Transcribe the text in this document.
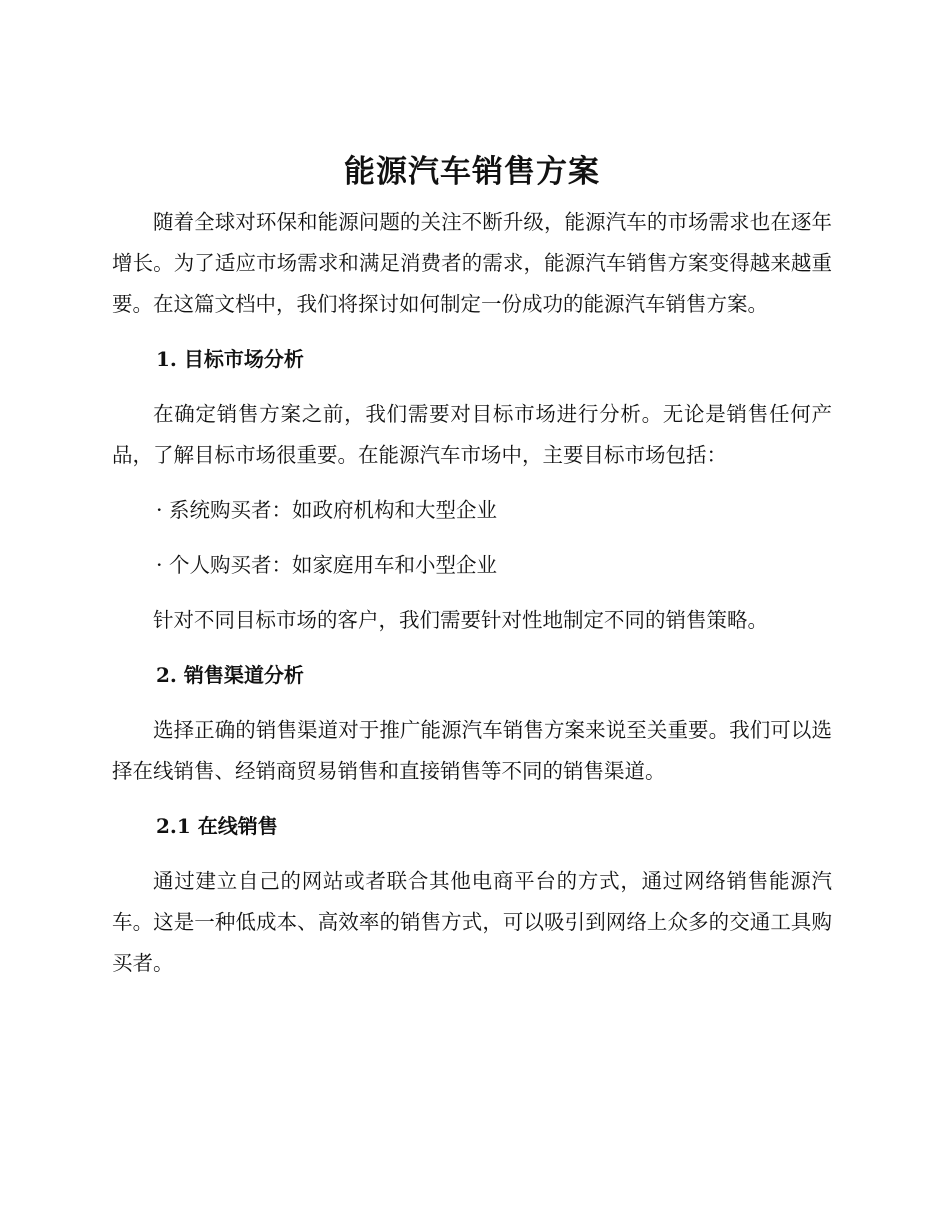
能源汽车销售方案

随着全球对环保和能源问题的关注不断升级，能源汽车的市场需求也在逐年增长。为了适应市场需求和满足消费者的需求，能源汽车销售方案变得越来越重要。在这篇文档中，我们将探讨如何制定一份成功的能源汽车销售方案。

1. 目标市场分析

在确定销售方案之前，我们需要对目标市场进行分析。无论是销售任何产品，了解目标市场很重要。在能源汽车市场中，主要目标市场包括：

· 系统购买者：如政府机构和大型企业

· 个人购买者：如家庭用车和小型企业

针对不同目标市场的客户，我们需要针对性地制定不同的销售策略。

2. 销售渠道分析

选择正确的销售渠道对于推广能源汽车销售方案来说至关重要。我们可以选择在线销售、经销商贸易销售和直接销售等不同的销售渠道。

2.1 在线销售

通过建立自己的网站或者联合其他电商平台的方式，通过网络销售能源汽车。这是一种低成本、高效率的销售方式，可以吸引到网络上众多的交通工具购买者。
